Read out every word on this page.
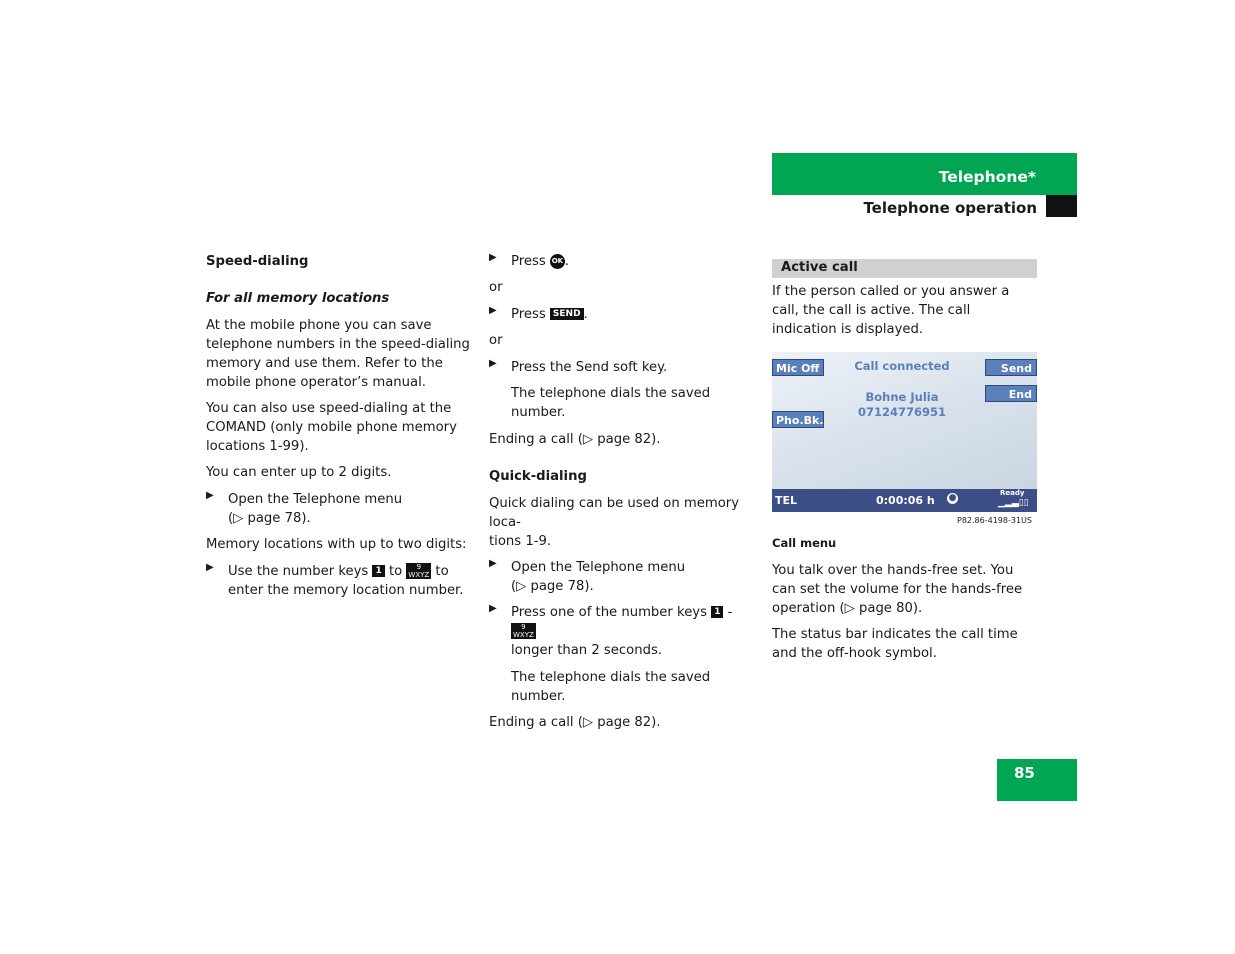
Telephone*
Telephone operation
Speed-dialing
For all memory locations

At the mobile phone you can save telephone numbers in the speed-dialing memory and use them. Refer to the mobile phone operator’s manual.

You can also use speed-dialing at the COMAND (only mobile phone memory locations 1-99).

You can enter up to 2 digits.

▶ Open the Telephone menu
(▷ page 78).

Memory locations with up to two digits:

▶ Use the number keys 1 to 9
WXYZ to
enter the memory location number.
▶ Press OK .

or

▶ Press SEND .

or

▶ Press the Send soft key.

The telephone dials the saved number.

Ending a call (▷ page 82).

Quick-dialing

Quick dialing can be used on memory loca-
tions 1-9.

▶ Open the Telephone menu
(▷ page 78).
▶ Press one of the number keys 1 - 9
WXYZ
longer than 2 seconds.

The telephone dials the saved number.

Ending a call (▷ page 82).

Active call

If the person called or you answer a call, the call is active. The call indication is displayed.

Mic Off	Call connected	Send
End
Bohne Julia
07124776951
Pho.Bk.
TEL	0:00:06 h ●	Ready
▁▂▃▯▯
P82.86-4198-31US
Call menu

You talk over the hands-free set. You can set the volume for the hands-free operation (▷ page 80).

The status bar indicates the call time and the off-hook symbol.

85
